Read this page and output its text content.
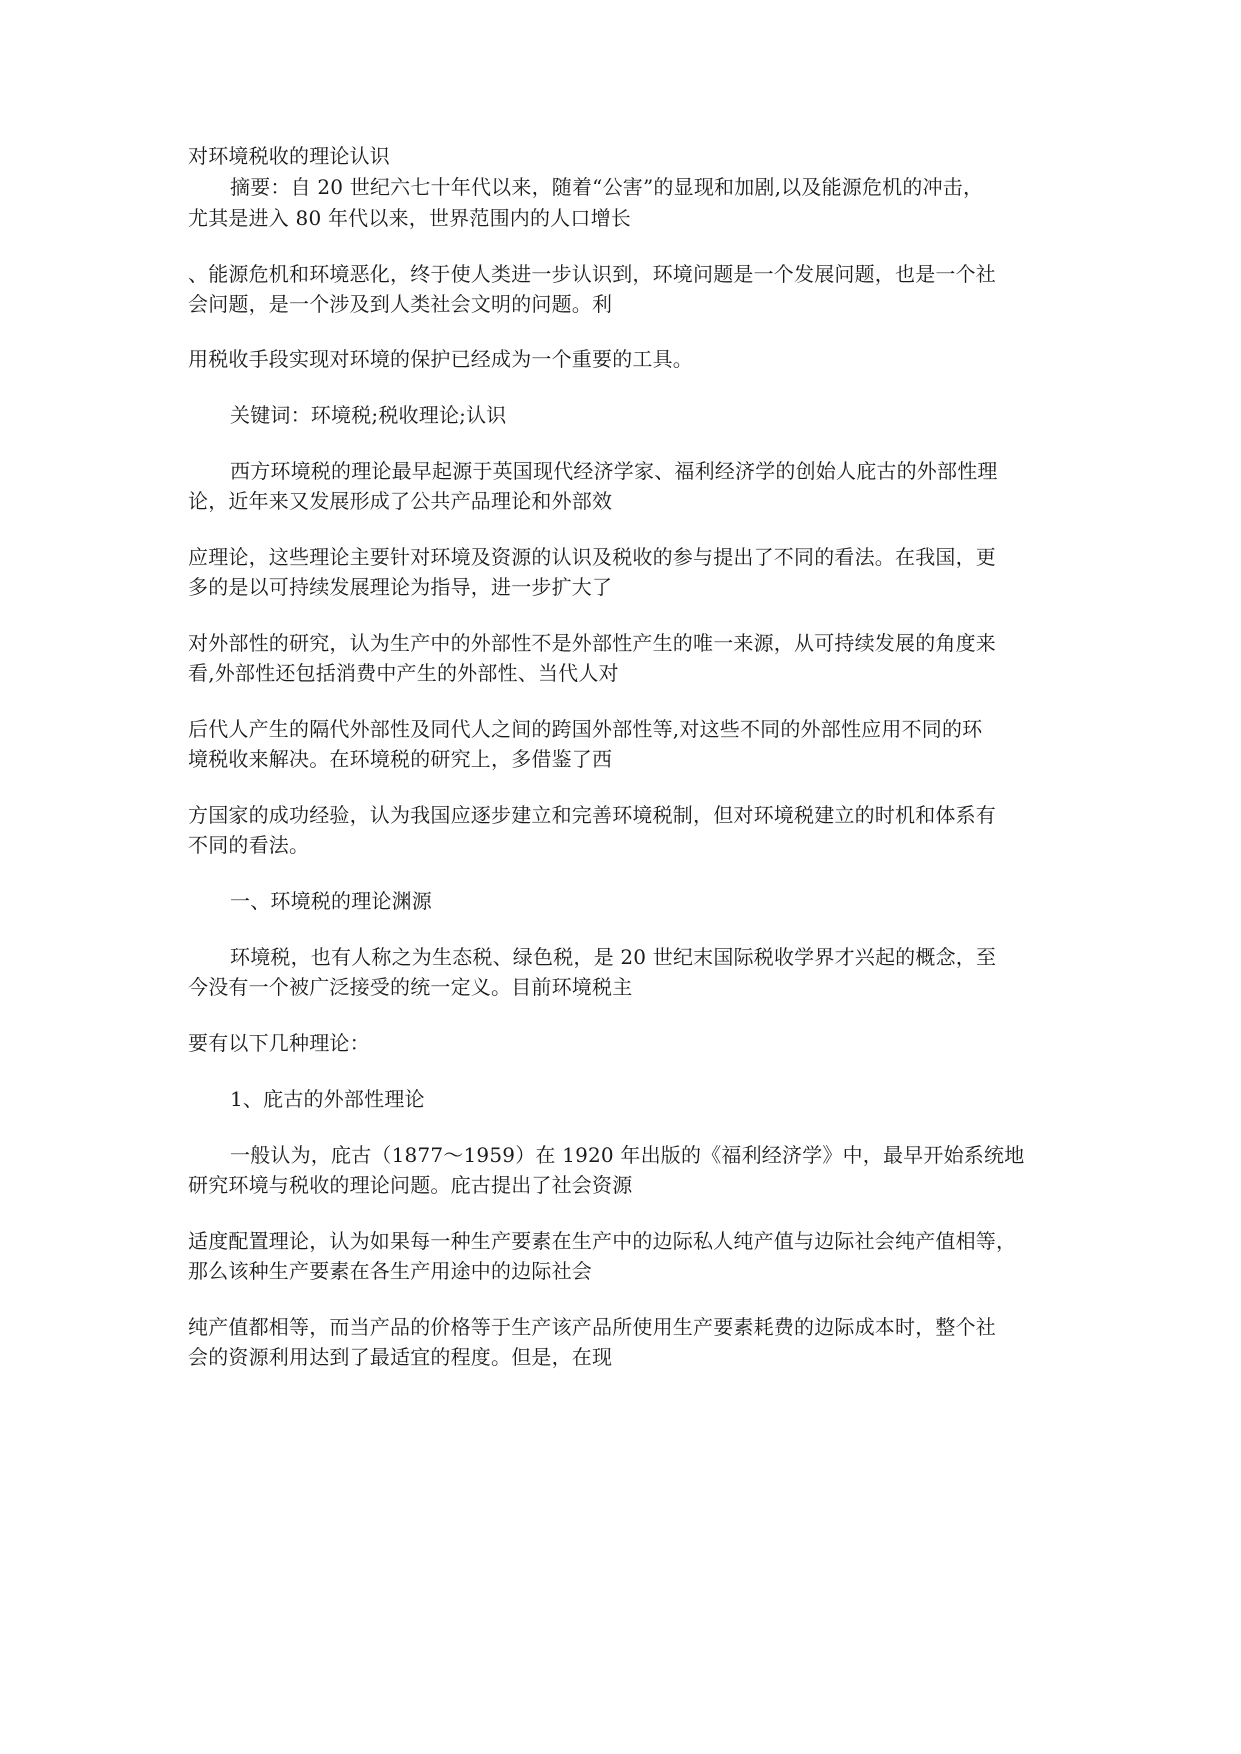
对环境税收的理论认识
摘要：自 20 世纪六七十年代以来，随着“公害”的显现和加剧,以及能源危机的冲击，
尤其是进入 80 年代以来，世界范围内的人口增长
、能源危机和环境恶化，终于使人类进一步认识到，环境问题是一个发展问题，也是一个社
会问题，是一个涉及到人类社会文明的问题。利
用税收手段实现对环境的保护已经成为一个重要的工具。
关键词：环境税;税收理论;认识
西方环境税的理论最早起源于英国现代经济学家、福利经济学的创始人庇古的外部性理
论，近年来又发展形成了公共产品理论和外部效
应理论，这些理论主要针对环境及资源的认识及税收的参与提出了不同的看法。在我国，更
多的是以可持续发展理论为指导，进一步扩大了
对外部性的研究，认为生产中的外部性不是外部性产生的唯一来源，从可持续发展的角度来
看,外部性还包括消费中产生的外部性、当代人对
后代人产生的隔代外部性及同代人之间的跨国外部性等,对这些不同的外部性应用不同的环
境税收来解决。在环境税的研究上，多借鉴了西
方国家的成功经验，认为我国应逐步建立和完善环境税制，但对环境税建立的时机和体系有
不同的看法。
一、环境税的理论渊源
环境税，也有人称之为生态税、绿色税，是 20 世纪末国际税收学界才兴起的概念，至
今没有一个被广泛接受的统一定义。目前环境税主
要有以下几种理论：
1、庇古的外部性理论
一般认为，庇古（1877～1959）在 1920 年出版的《福利经济学》中，最早开始系统地
研究环境与税收的理论问题。庇古提出了社会资源
适度配置理论，认为如果每一种生产要素在生产中的边际私人纯产值与边际社会纯产值相等，
那么该种生产要素在各生产用途中的边际社会
纯产值都相等，而当产品的价格等于生产该产品所使用生产要素耗费的边际成本时，整个社
会的资源利用达到了最适宜的程度。但是，在现
